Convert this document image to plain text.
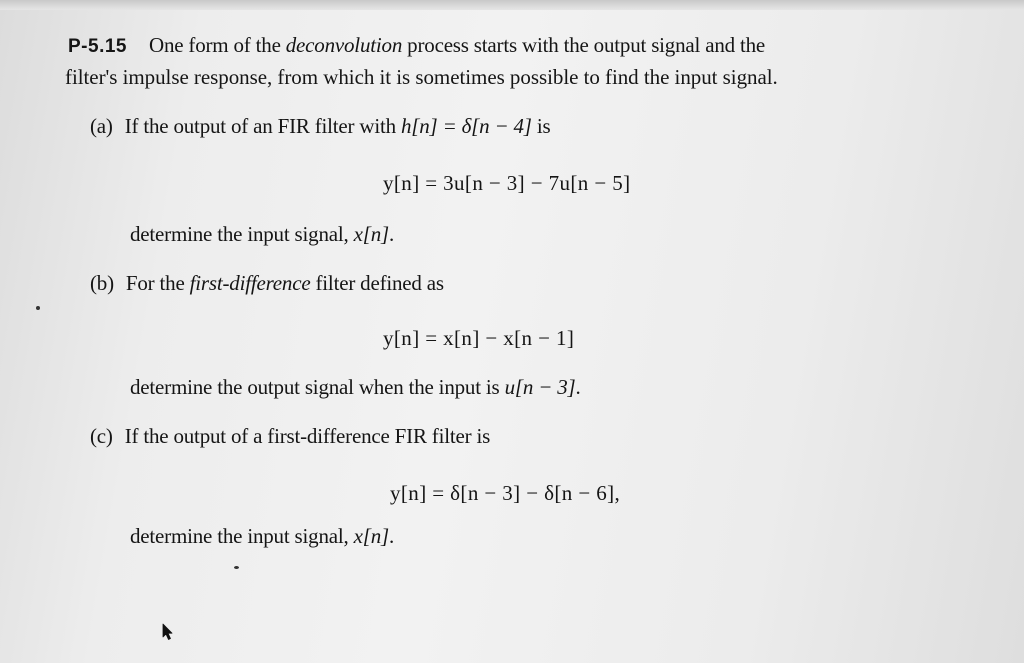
P-5.15 One form of the deconvolution process starts with the output signal and the
filter's impulse response, from which it is sometimes possible to find the input signal.
(a) If the output of an FIR filter with h[n] = δ[n − 4] is
y[n] = 3u[n − 3] − 7u[n − 5]
determine the input signal, x[n].
(b) For the first-difference filter defined as
y[n] = x[n] − x[n − 1]
determine the output signal when the input is u[n − 3].
(c) If the output of a first-difference FIR filter is
y[n] = δ[n − 3] − δ[n − 6],
determine the input signal, x[n].
